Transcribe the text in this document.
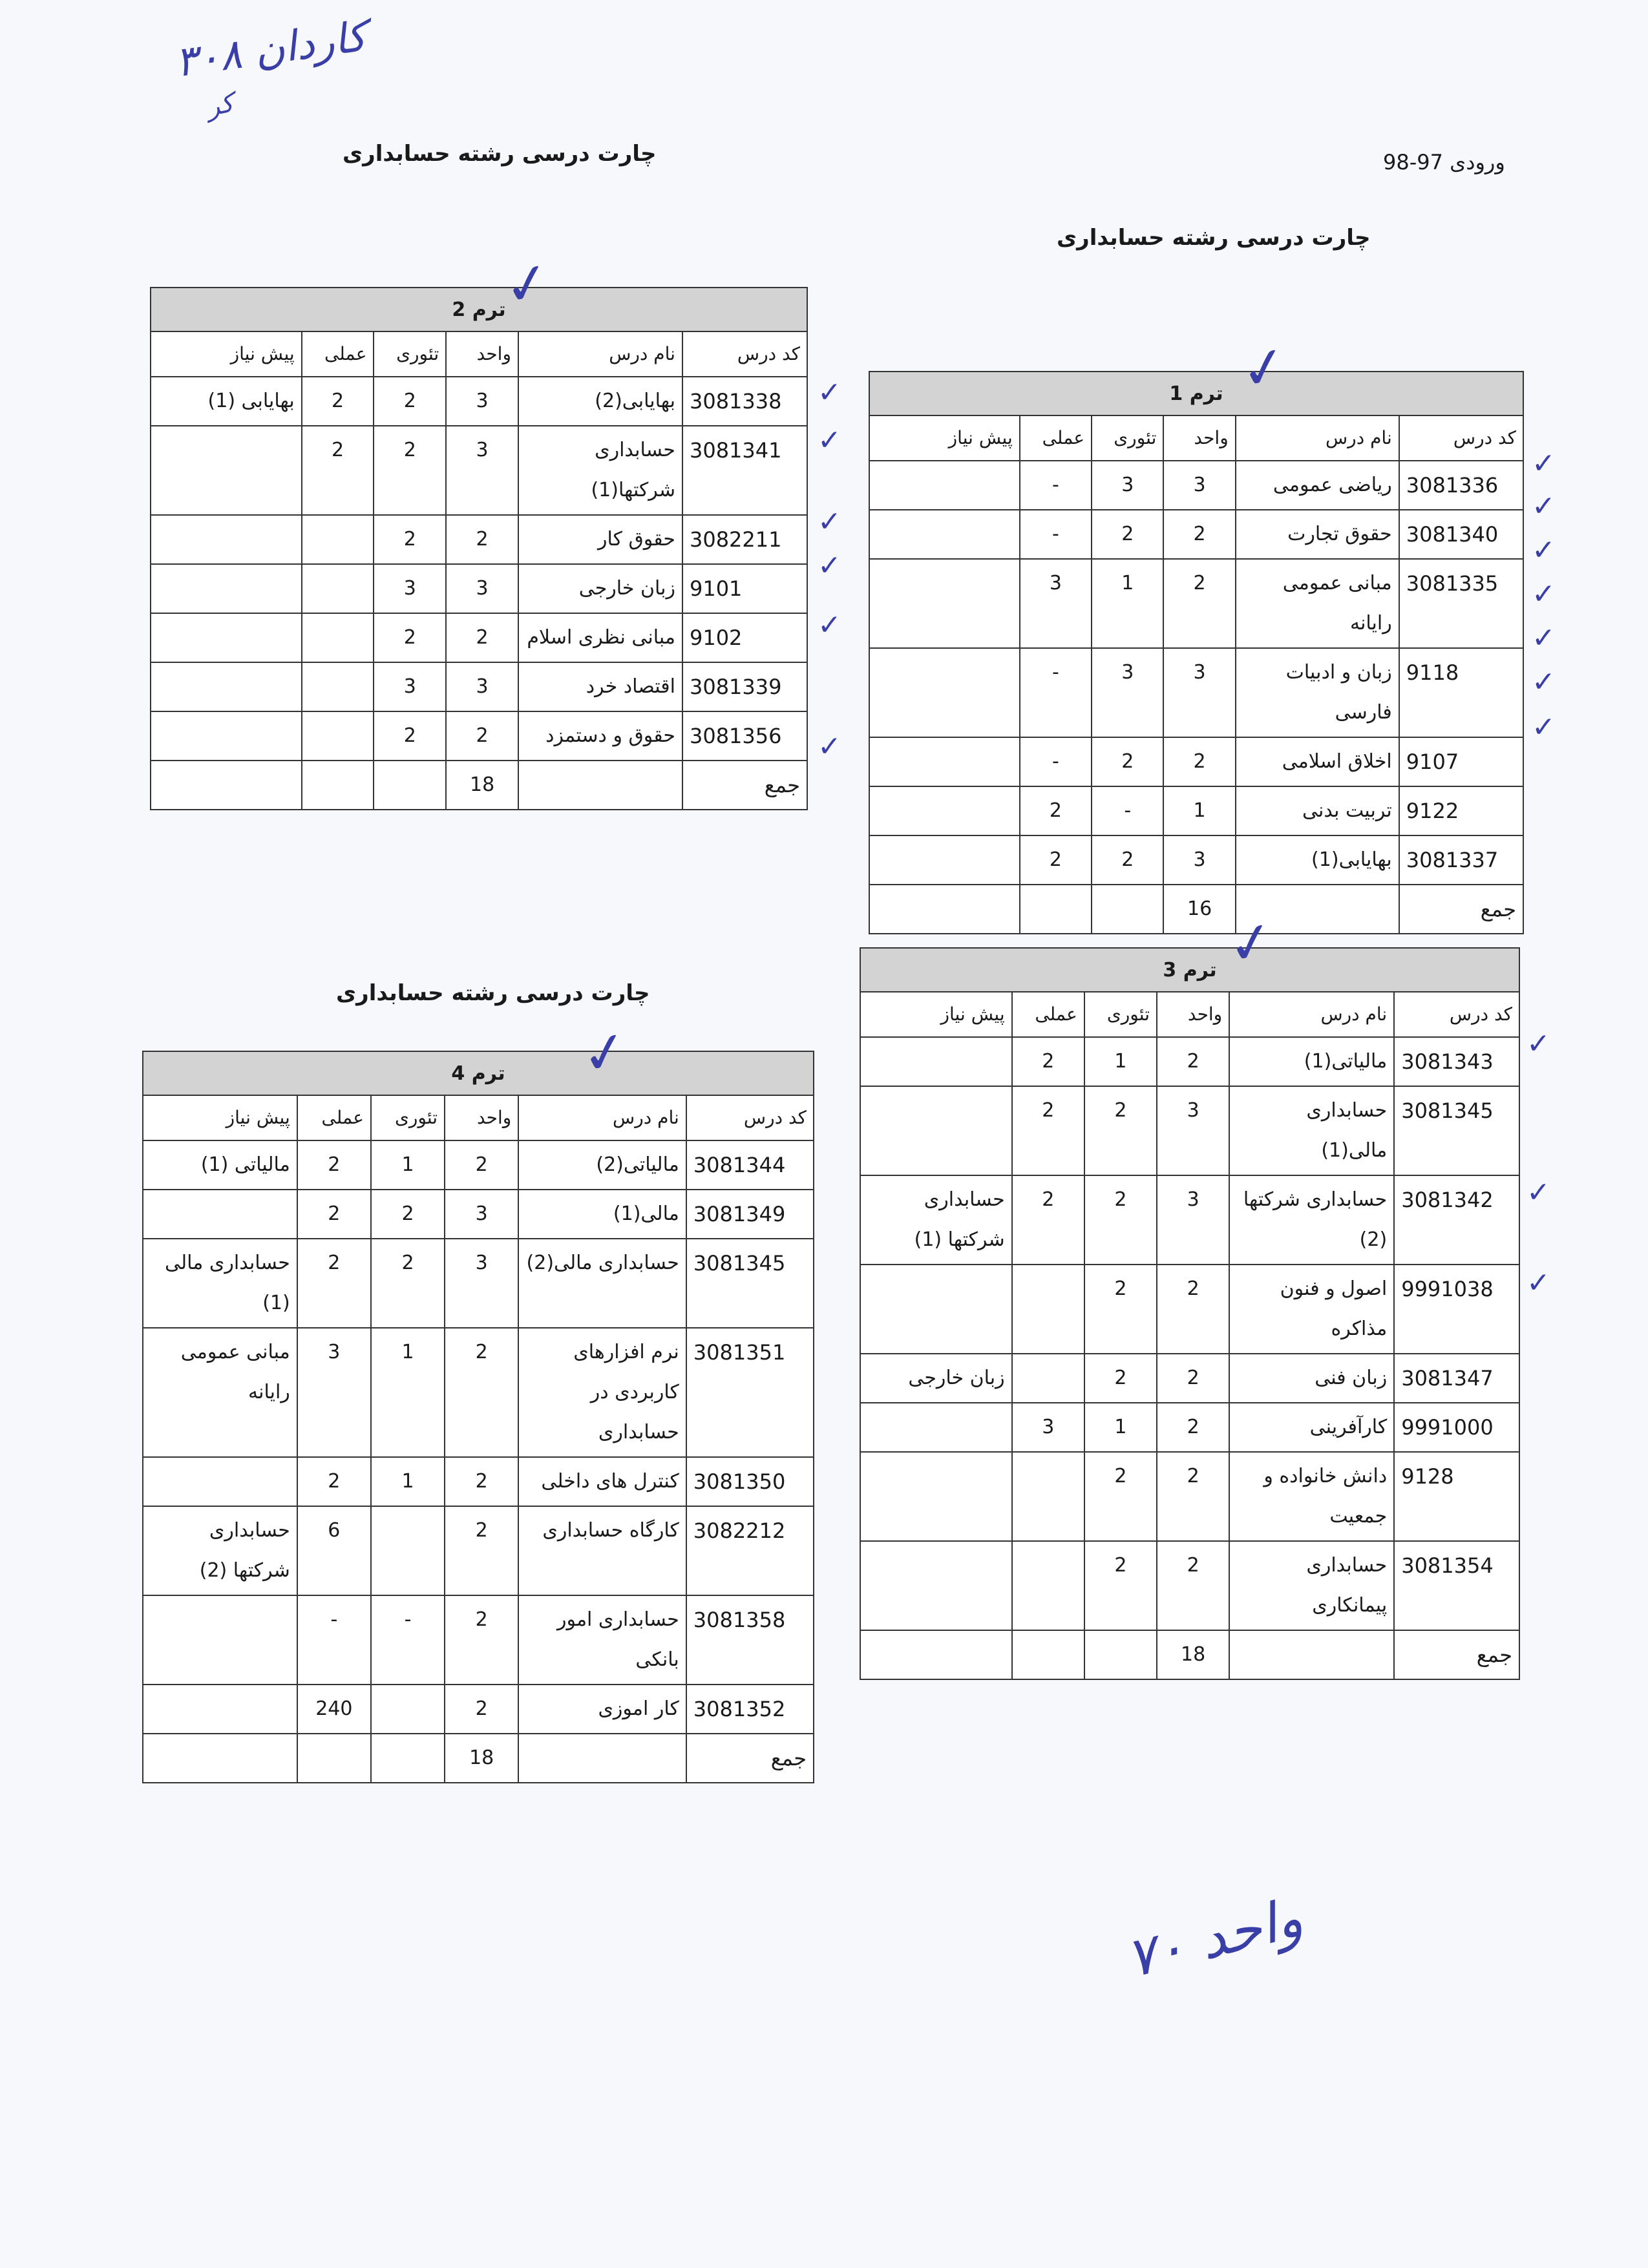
کاردان ۳۰۸
کر
ورودی 97-98
چارت درسی رشته حسابداری
چارت درسی رشته حسابداری
چارت درسی رشته حسابداری
ترم 2					
کد درس	نام درس	واحد	تئوری	عملی	پیش نیاز
3081338	بهایابی(2)	3	2	2	بهایابی (1)
3081341	حسابداری شرکتها(1)	3	2	2	
3082211	حقوق کار	2	2		
9101	زبان خارجی	3	3		
9102	مبانی نظری اسلام	2	2		
3081339	اقتصاد خرد	3	3		
3081356	حقوق و دستمزد	2	2		
جمع		18			
ترم 1					
کد درس	نام درس	واحد	تئوری	عملی	پیش نیاز
3081336	ریاضی عمومی	3	3	-	
3081340	حقوق تجارت	2	2	-	
3081335	مبانی عمومی رایانه	2	1	3	
9118	زبان و ادبیات فارسی	3	3	-	
9107	اخلاق اسلامی	2	2	-	
9122	تربیت بدنی	1	-	2	
3081337	بهایابی(1)	3	2	2	
جمع		16			
ترم 3					
کد درس	نام درس	واحد	تئوری	عملی	پیش نیاز
3081343	مالیاتی(1)	2	1	2	
3081345	حسابداری مالی(1)	3	2	2	
3081342	حسابداری شرکتها (2)	3	2	2	حسابداری شرکتها (1)
9991038	اصول و فنون مذاکره	2	2		
3081347	زبان فنی	2	2		زبان خارجی
9991000	کارآفرینی	2	1	3	
9128	دانش خانواده و جمعیت	2	2		
3081354	حسابداری پیمانکاری	2	2		
جمع		18			
ترم 4					
کد درس	نام درس	واحد	تئوری	عملی	پیش نیاز
3081344	مالیاتی(2)	2	1	2	مالیاتی (1)
3081349	مالی(1)	3	2	2	
3081345	حسابداری مالی(2)	3	2	2	حسابداری مالی (1)
3081351	نرم افزارهای کاربردی در حسابداری	2	1	3	مبانی عمومی رایانه
3081350	کنترل های داخلی	2	1	2	
3082212	کارگاه حسابداری	2		6	حسابداری شرکتها (2)
3081358	حسابداری امور بانکی	2	-	-	
3081352	کار اموزی	2		240	
جمع		18			
✓
✓
✓
✓
✓
✓
✓
✓
✓
✓
✓
✓
✓
✓
✓
✓
✓
✓
✓
✓
۷۰ واحد
